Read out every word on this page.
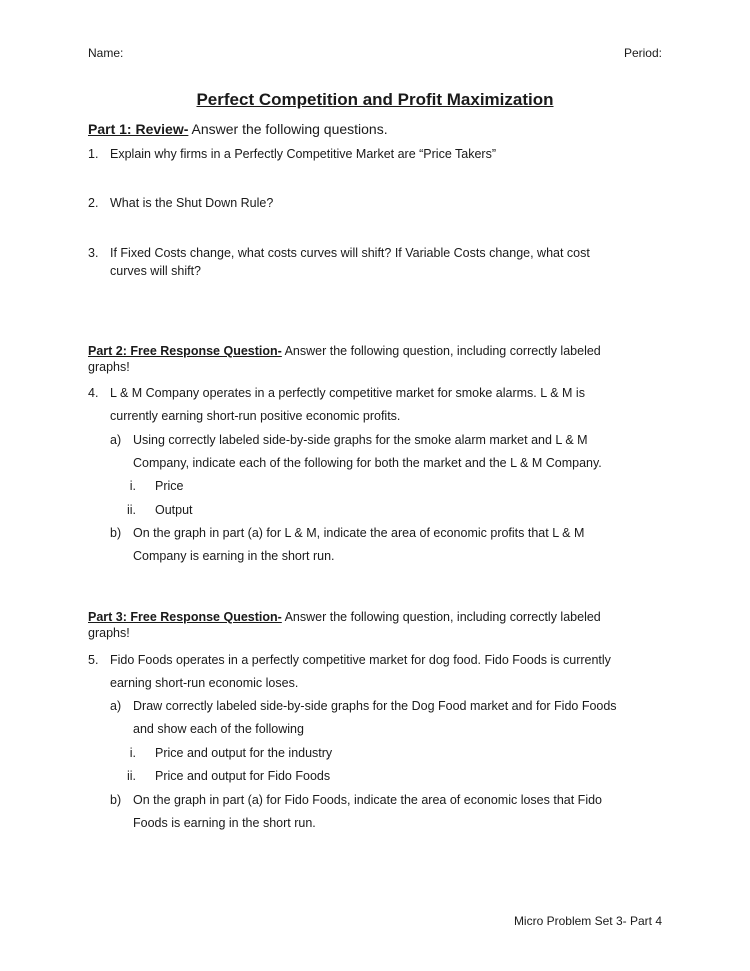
Name:	Period:
Perfect Competition and Profit Maximization
Part 1: Review- Answer the following questions.
1. Explain why firms in a Perfectly Competitive Market are “Price Takers”
2. What is the Shut Down Rule?
3. If Fixed Costs change, what costs curves will shift? If Variable Costs change, what cost
curves will shift?
Part 2: Free Response Question- Answer the following question, including correctly labeled
graphs!
4. L & M Company operates in a perfectly competitive market for smoke alarms. L & M is
currently earning short-run positive economic profits.
a) Using correctly labeled side-by-side graphs for the smoke alarm market and L & M
Company, indicate each of the following for both the market and the L & M Company.
i. Price
ii. Output
b) On the graph in part (a) for L & M, indicate the area of economic profits that L & M
Company is earning in the short run.
Part 3: Free Response Question- Answer the following question, including correctly labeled
graphs!
5. Fido Foods operates in a perfectly competitive market for dog food. Fido Foods is currently
earning short-run economic loses.
a) Draw correctly labeled side-by-side graphs for the Dog Food market and for Fido Foods
and show each of the following
i. Price and output for the industry
ii. Price and output for Fido Foods
b) On the graph in part (a) for Fido Foods, indicate the area of economic loses that Fido
Foods is earning in the short run.
Micro Problem Set 3- Part 4
